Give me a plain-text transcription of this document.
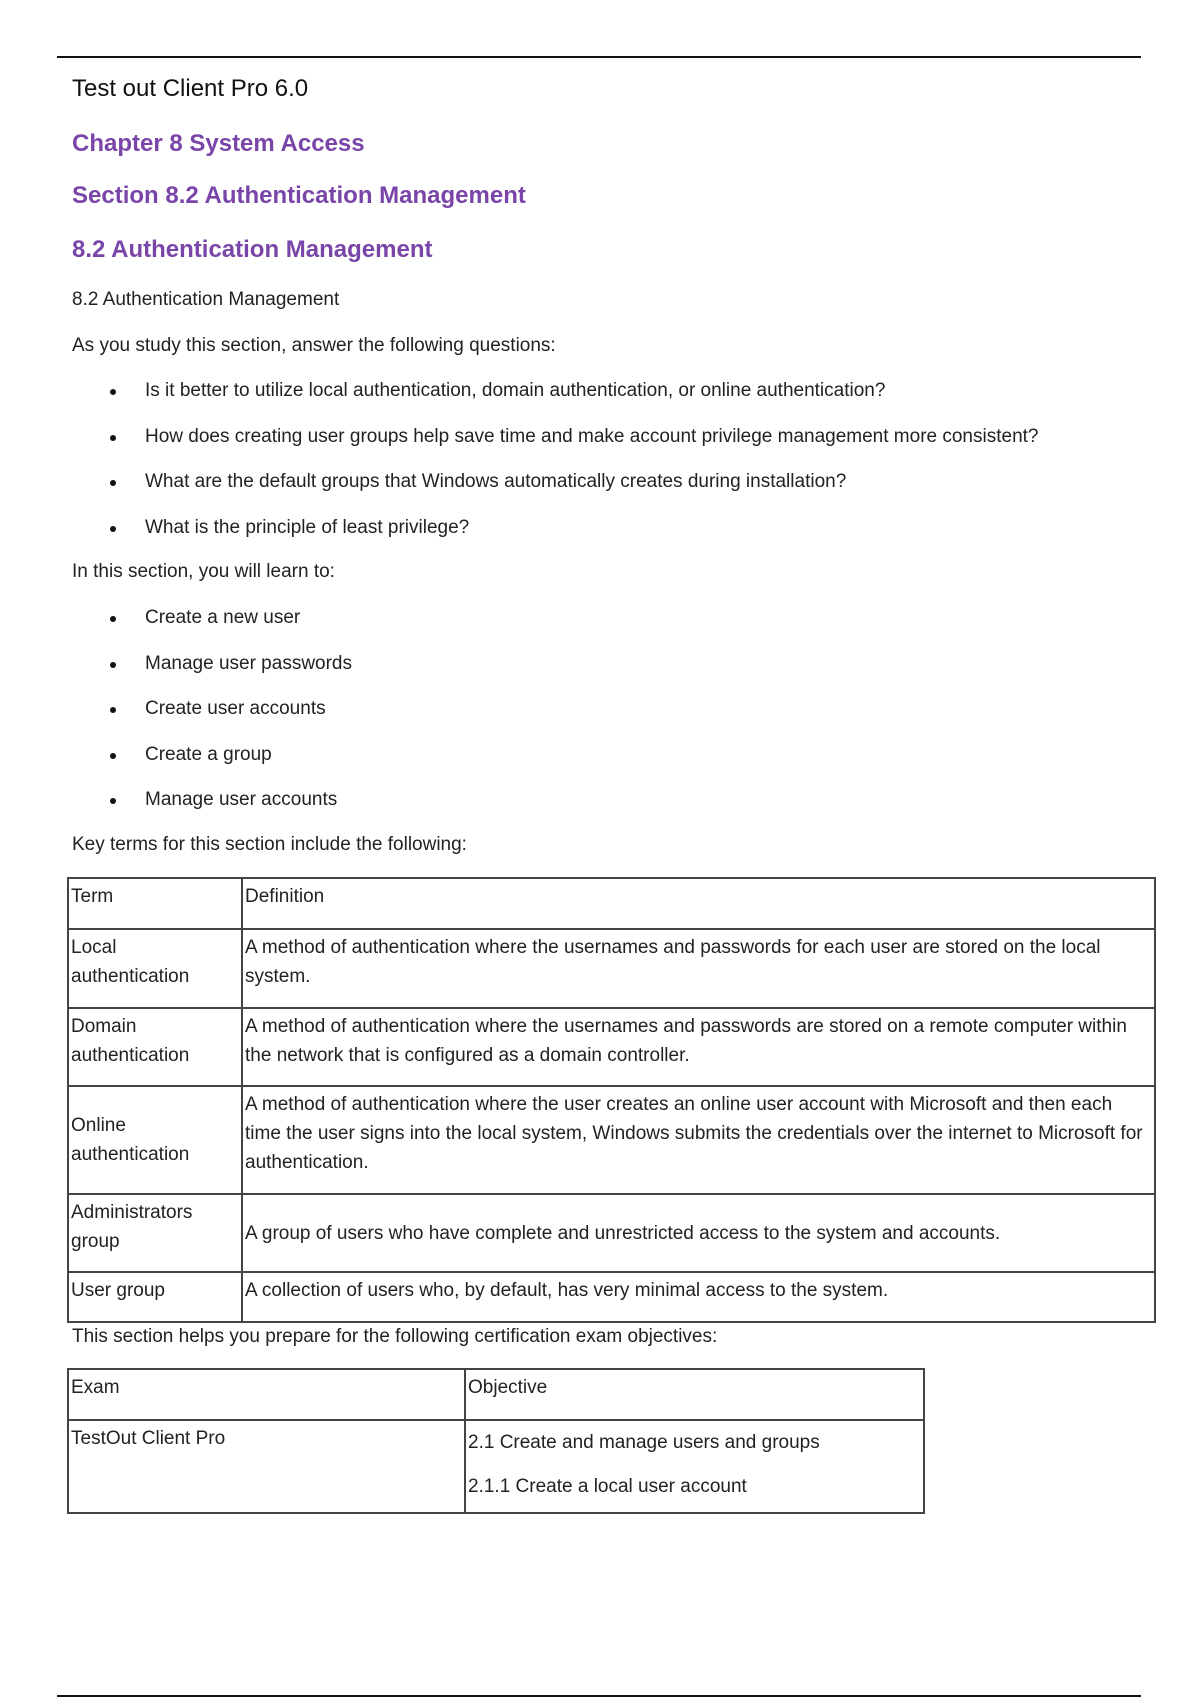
Test out Client Pro 6.0
Chapter 8 System Access
Section 8.2 Authentication Management
8.2 Authentication Management
8.2 Authentication Management
As you study this section, answer the following questions:
Is it better to utilize local authentication, domain authentication, or online authentication?
How does creating user groups help save time and make account privilege management more consistent?
What are the default groups that Windows automatically creates during installation?
What is the principle of least privilege?
In this section, you will learn to:
Create a new user
Manage user passwords
Create user accounts
Create a group
Manage user accounts
Key terms for this section include the following:
Term	Definition
Local authentication	A method of authentication where the usernames and passwords for each user are stored on the local system.
Domain authentication	A method of authentication where the usernames and passwords are stored on a remote computer within the network that is configured as a domain controller.
Online authentication	A method of authentication where the user creates an online user account with Microsoft and then each time the user signs into the local system, Windows submits the credentials over the internet to Microsoft for authentication.
Administrators group	A group of users who have complete and unrestricted access to the system and accounts.
User group	A collection of users who, by default, has very minimal access to the system.
This section helps you prepare for the following certification exam objectives:
Exam	Objective
TestOut Client Pro	2.1 Create and manage users and groups
2.1.1 Create a local user account
